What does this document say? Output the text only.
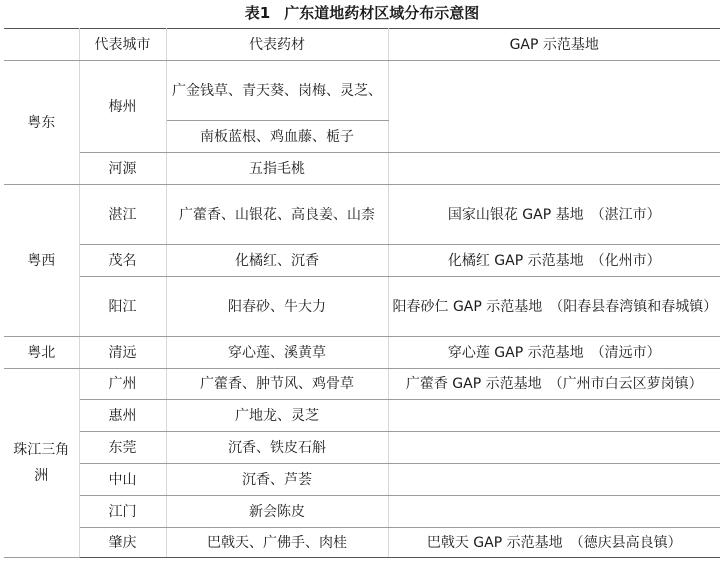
表1 广东道地药材区域分布示意图
	代表城市	代表药材	GAP 示范基地
粤东	梅州	广金钱草、青天葵、岗梅、灵芝、	
		南板蓝根、鸡血藤、栀子	
	河源	五指毛桃	
粤西	湛江	广藿香、山银花、高良姜、山柰	国家山银花 GAP 基地　（湛江市）
	茂名	化橘红、沉香	化橘红 GAP 示范基地　（化州市）
	阳江	阳春砂、牛大力	阳春砂仁 GAP 示范基地　（阳春县春湾镇和春城镇）
粤北	清远	穿心莲、溪黄草	穿心莲 GAP 示范基地　（清远市）
珠江三角洲	广州	广藿香、肿节风、鸡骨草	广藿香 GAP 示范基地　（广州市白云区萝岗镇）
	惠州	广地龙、灵芝	
	东莞	沉香、铁皮石斛	
	中山	沉香、芦荟	
	江门	新会陈皮	
	肇庆	巴戟天、广佛手、肉桂	巴戟天 GAP 示范基地　（德庆县高良镇）
